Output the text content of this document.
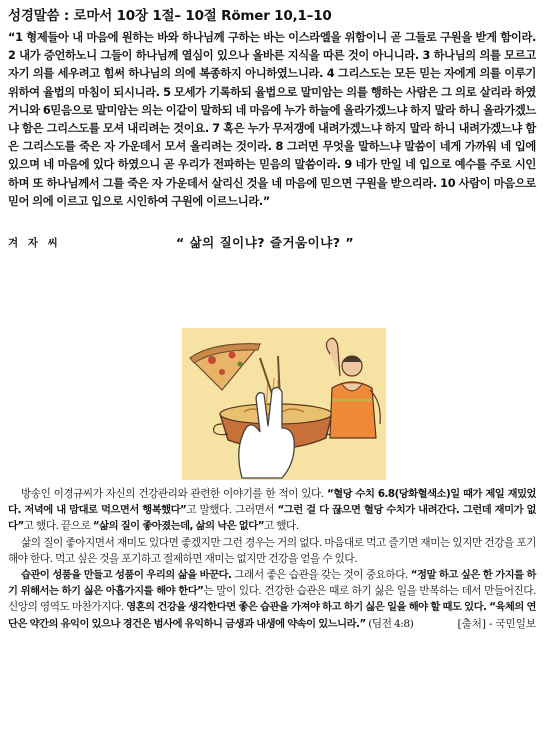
성경말씀 : 로마서 10장 1절– 10절 Römer 10,1–10
“1 형제들아 내 마음에 원하는 바와 하나님께 구하는 바는 이스라엘을 위함이니 곧 그들로 구원을 받게 함이라. 2 내가 증언하노니 그들이 하나님께 열심이 있으나 올바른 지식을 따른 것이 아니니라. 3 하나님의 의를 모르고 자기 의를 세우려고 힘써 하나님의 의에 복종하지 아니하였느니라. 4 그리스도는 모든 믿는 자에게 의를 이루기 위하여 율법의 마침이 되시니라. 5 모세가 기록하되 율법으로 말미암는 의를 행하는 사람은 그 의로 살리라 하였거니와 6믿음으로 말미암는 의는 이같이 말하되 네 마음에 누가 하늘에 올라가겠느냐 하지 말라 하니 올라가겠느냐 함은 그리스도를 모셔 내리려는 것이요. 7 혹은 누가 무저갱에 내려가겠느냐 하지 말라 하니 내려가겠느냐 함은 그리스도를 죽은 자 가운데서 모셔 올리려는 것이라. 8 그러면 무엇을 말하느냐 말씀이 네게 가까워 네 입에 있으며 네 마음에 있다 하였으니 곧 우리가 전파하는 믿음의 말씀이라. 9 네가 만일 네 입으로 예수를 주로 시인하며 또 하나님께서 그를 죽은 자 가운데서 살리신 것을 네 마음에 믿으면 구원을 받으리라. 10 사람이 마음으로 믿어 의에 이르고 입으로 시인하여 구원에 이르느니라.”
겨 자 씨	“ 삶의 질이냐? 즐거움이냐? ”

방송인 이경규씨가 자신의 건강관리와 관련한 이야기를 한 적이 있다. “혈당 수치 6.8(당화혈색소)일 때가 제일 재밌었다. 저녁에 내 맘대로 먹으면서 행복했다”고 말했다. 그러면서 “그런 걸 다 끊으면 혈당 수치가 내려간다. 그런데 재미가 없다”고 했다. 끝으로 “삶의 질이 좋아졌는데, 삶의 낙은 없다”고 했다.

삶의 질이 좋아지면서 재미도 있다면 좋겠지만 그런 경우는 거의 없다. 마음대로 먹고 즐기면 재미는 있지만 건강을 포기해야 한다. 먹고 싶은 것을 포기하고 절제하면 재미는 없지만 건강을 얻을 수 있다.

습관이 성품을 만들고 성품이 우리의 삶을 바꾼다. 그래서 좋은 습관을 갖는 것이 중요하다. “정말 하고 싶은 한 가지를 하기 위해서는 하기 싫은 아홉가지를 해야 한다”는 말이 있다. 건강한 습관은 때로 하기 싫은 일을 반복하는 데서 만들어진다. 신앙의 영역도 마찬가지다. 영혼의 건강을 생각한다면 좋은 습관을 가져야 하고 하기 싫은 일을 해야 할 때도 있다. “육체의 연단은 약간의 유익이 있으나 경건은 범사에 유익하니 금생과 내생에 약속이 있느니라.” (딤전 4:8)	[출처] - 국민일보
